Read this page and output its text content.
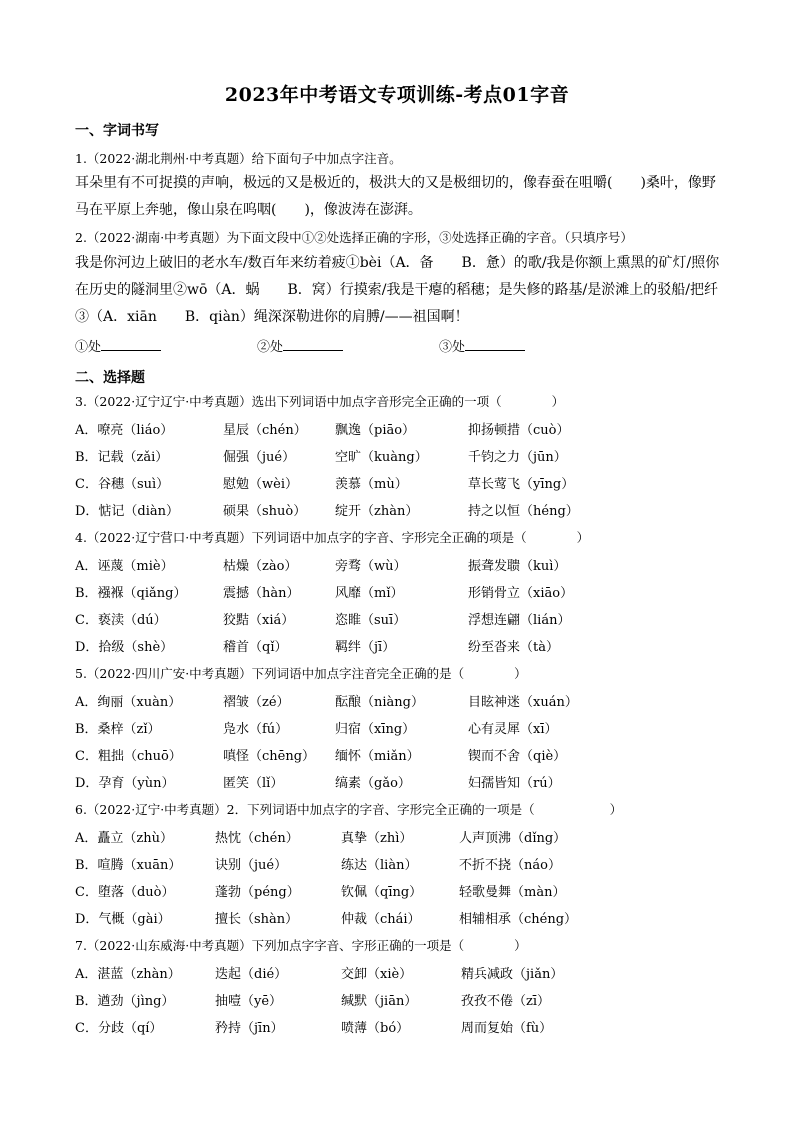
2023年中考语文专项训练-考点01字音
一、字词书写
1.（2022·湖北荆州·中考真题）给下面句子中加点字注音。
耳朵里有不可捉摸的声响，极远的又是极近的，极洪大的又是极细切的，像春蚕在咀嚼(　　)桑叶，像野马在平原上奔驰，像山泉在呜咽(　　)，像波涛在澎湃。
2.（2022·湖南·中考真题）为下面文段中①②处选择正确的字形，③处选择正确的字音。（只填序号）
我是你河边上破旧的老水车/数百年来纺着疲①bèi（A．备　　B．惫）的歌/我是你额上熏黑的矿灯/照你在历史的隧洞里②wō（A．蜗　　B．窝）行摸索/我是干瘪的稻穗；是失修的路基/是淤滩上的驳船/把纤③（A．xiān　　B．qiàn）绳深深勒进你的肩膊/——祖国啊！
①处	②处	③处
二、选择题
3.（2022·辽宁辽宁·中考真题）选出下列词语中加点字音形完全正确的一项（　　　　）
A．嘹亮（liáo）	星辰（chén） 飘逸（piāo）	抑扬顿措（cuò）
B．记载（zǎi）	倔强（jué）	空旷（kuàng）	千钧之力（jūn）
C．谷穗（suì）	慰勉（wèi）	羡慕（mù）	草长莺飞（yīng）
D．惦记（diàn）	硕果（shuò） 绽开（zhàn）	持之以恒（héng）
4.（2022·辽宁营口·中考真题）下列词语中加点字的字音、字形完全正确的项是（　　　　）
A．诬蔑（miè）	枯燥（zào）	旁骛（wù）	振聋发聩（kuì）
B．襁褓（qiǎng）	震撼（hàn）	风靡（mǐ）	形销骨立（xiāo）
C．亵渎（dú）	狡黠（xiá）	恣睢（suī）	浮想连翩（lián）
D．拾级（shè）	稽首（qǐ）	羁绊（jī）	纷至沓来（tà）
5.（2022·四川广安·中考真题）下列词语中加点字注音完全正确的是（　　　　）
A．绚丽（xuàn）	褶皱（zé）	酝酿（niàng）	目眩神迷（xuán）
B．桑梓（zǐ）	凫水（fú）	归宿（xīng）	心有灵犀（xī）
C．粗拙（chuō）	嗔怪（chēng） 缅怀（miǎn）	锲而不舍（qiè）
D．孕育（yùn）	匿笑（lǐ）	缟素（gǎo）	妇孺皆知（rú）
6.（2022·辽宁·中考真题）2．下列词语中加点字的字音、字形完全正确的一项是（　　　　　　）
A．矗立（zhù）	热忱（chén）	真挚（zhì）	人声顶沸（dǐng）
B．喧腾（xuān）	诀别（jué）	练达（liàn）	不折不挠（náo）
C．堕落（duò）	蓬勃（péng）	钦佩（qīng）	轻歌曼舞（màn）
D．气概（gài）	擅长（shàn）	仲裁（chái）	相辅相承（chéng）
7.（2022·山东威海·中考真题）下列加点字字音、字形正确的一项是（　　　　）
A．湛蓝（zhàn）	迭起（dié）	交卸（xiè）	精兵减政（jiǎn）
B．遒劲（jìng）	抽噎（yē）	缄默（jiān）	孜孜不倦（zī）
C．分歧（qí）	矜持（jīn）	喷薄（bó）	周而复始（fù）
